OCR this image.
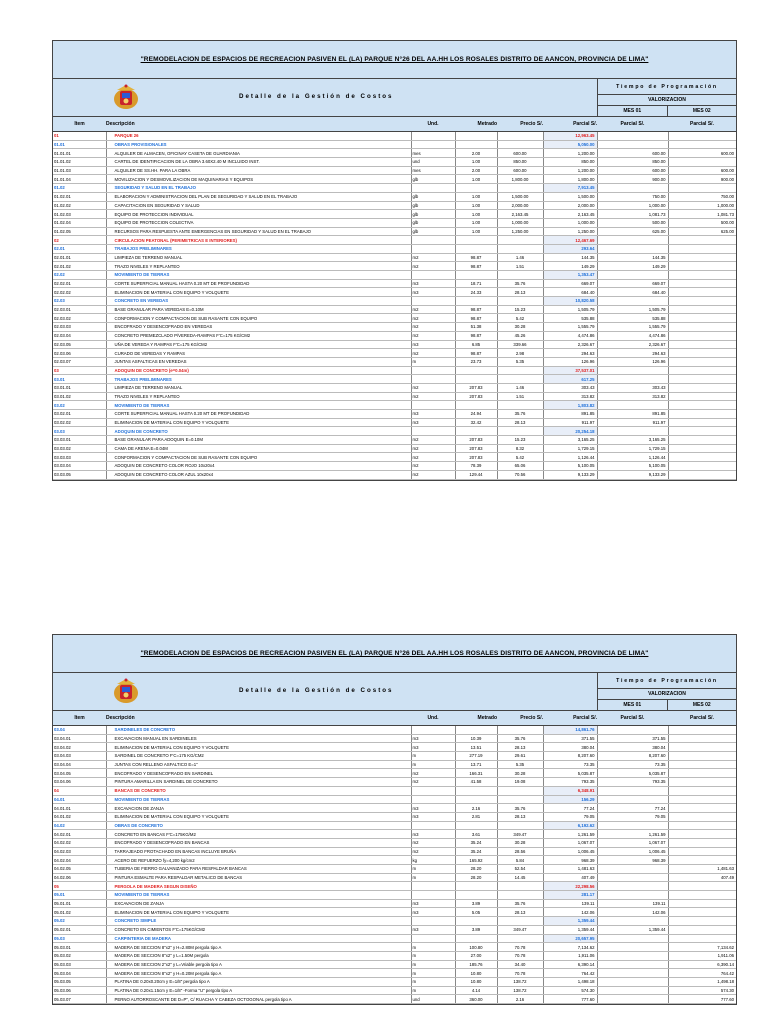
"REMODELACION DE ESPACIOS DE RECREACION PASIVEN EL (LA) PARQUE N°26 DEL AA.HH LOS ROSALES DISTRITO DE AANCON, PROVINCIA DE LIMA"
Detalle de la Gestión de Costos
Tiempo de Programación
VALORIZACION
MES 01	MES 02
Item	Descripción	Und.	Metrado	Precio S/.	Parcial S/.	Parcial S/.	Parcial S/.
01	PARQUE 26				12,963.45		
01.01	OBRAS PROVISIONALES				5,050.00		
01.01.01	ALQUILER DE ALMACEN, OFICINAY CASETA DE GUARDIANIA	mes	2.00	600.00	1,200.00	600.00	600.00
01.01.02	CARTEL DE IDENTIFICACION DE LA OBRA 3.60X2.40 M INCLUIDO INST.	und	1.00	850.00	850.00	850.00	
01.01.03	ALQUILER DE SS.HH. PARA LA OBRA	mes	2.00	600.00	1,200.00	600.00	600.00
01.01.04	MOVILIZACION Y DESMOVILIZACION DE MAQUINARIAS Y EQUIPOS	glb	1.00	1,800.00	1,800.00	900.00	900.00
01.02	SEGURIDAD Y SALUD EN EL TRABAJO				7,913.45		
01.02.01	ELABORACION Y ADMINISTRACION DEL PLAN DE SEGURIDAD Y SALUD EN EL TRABAJO	glb	1.00	1,500.00	1,500.00	750.00	750.00
01.02.02	CAPACITACION EN SEGURIDAD Y SALUD	glb	1.00	2,000.00	2,000.00	1,000.00	1,000.00
01.02.03	EQUIPO DE PROTECCION INDIVIDUAL	glb	1.00	2,163.45	2,163.45	1,081.73	1,081.73
01.02.04	EQUIPO DE PROTECCION COLECTIVA	glb	1.00	1,000.00	1,000.00	500.00	500.00
01.02.05	RECURSOS PARA RESPUESTA ANTE EMERGENCIAS EN SEGURIDAD Y SALUD EN EL TRABAJO	glb	1.00	1,250.00	1,250.00	625.00	625.00
02	CIRCULACION PEATONAL (PERIMETRICAS E INTERIORES)				12,467.69		
02.01	TRABAJOS PRELIMINARES				293.64		
02.01.01	LIMPIEZA DE TERRENO MANUAL	m2	98.87	1.46	144.35	144.35	
02.01.02	TRAZO NIVELES Y REPLANTEO	m2	98.87	1.51	149.29	149.29	
02.02	MOVIMIENTO DE TIERRAS				1,353.47		
02.02.01	CORTE SUPERFICIAL MANUAL HASTA 0.20 MT DE PROFUNDIDAD	m3	18.71	35.76	669.07	669.07	
02.02.02	ELIMINACION DE MATERIAL CON EQUIPO Y VOLQUETE	m3	24.33	28.13	684.40	684.40	
02.03	CONCRETO EN VEREDAS				10,820.58		
02.03.01	BASE GRANULAR PARA VEREDAS E=0.10M	m2	98.87	15.23	1,505.79	1,505.79	
02.03.02	CONFORMACION Y COMPACTACION DE SUB RASANTE CON EQUIPO	m2	98.87	5.42	535.88	535.88	
02.03.03	ENCOFRADO Y DESENCOFRADO EN VEREDAS	m2	51.38	30.28	1,555.79	1,555.79	
02.03.04	CONCRETO PREMEZCLADO P/VEREDA-RAMPAS F'C=175 KG/CM2	m2	98.87	45.26	4,474.86	4,474.86	
02.03.05	UÑA DE VEREDA Y RAMPAS F'C=175 KG/CM2	m3	6.85	339.66	2,326.67	2,326.67	
02.03.06	CURADO DE VEREDAS Y RAMPAS	m2	98.87	2.98	294.63	294.63	
02.03.07	JUNTAS ASFALTICAS EN VEREDAS	m	23.73	5.35	126.96	126.96	
03	ADOQUIN DE CONCRETO (e=0.04m)				37,537.01		
03.01	TRABAJOS PRELIMINARES				617.25		
03.01.01	LIMPIEZA DE TERRENO MANUAL	m2	207.83	1.46	303.43	303.43	
03.01.02	TRAZO NIVELES Y REPLANTEO	m2	207.83	1.51	313.82	313.82	
03.02	MOVIMIENTO DE TIERRAS				1,803.82		
03.02.01	CORTE SUPERFICIAL MANUAL HASTA 0.20 MT DE PROFUNDIDAD	m3	24.94	35.76	891.85	891.85	
03.02.02	ELIMINACION DE MATERIAL CON EQUIPO Y VOLQUETE	m3	32.42	28.13	911.97	911.97	
03.03	ADOQUIN DE CONCRETO				20,254.18		
03.03.01	BASE GRANULAR PARA ADOQUIN E=0.10M	m2	207.83	15.23	3,165.25	3,165.25	
03.03.02	CAMA DE ARENA E=0.04M	m2	207.83	8.32	1,729.15	1,729.15	
03.03.03	CONFORMACION Y COMPACTACION DE SUB RASANTE CON EQUIPO	m2	207.83	5.42	1,126.44	1,126.44	
03.03.04	ADOQUIN DE CONCRETO COLOR ROJO 10x20x4	m2	78.39	65.06	5,100.05	5,100.05	
03.03.05	ADOQUIN DE CONCRETO COLOR AZUL 10x20x4	m2	129.44	70.56	9,133.29	9,133.29	
"REMODELACION DE ESPACIOS DE RECREACION PASIVEN EL (LA) PARQUE N°26 DEL AA.HH LOS ROSALES DISTRITO DE AANCON, PROVINCIA DE LIMA"
Detalle de la Gestión de Costos
Tiempo de Programación
VALORIZACION
MES 01	MES 02
Item	Descripción	Und.	Metrado	Precio S/.	Parcial S/.	Parcial S/.	Parcial S/.
03.04	SARDINELES DE CONCRETO				14,861.76		
03.04.01	EXCAVACION MANUAL EN SARDINELES	m3	10.39	35.76	371.55	371.55	
03.04.02	ELIMINACION DE MATERIAL CON EQUIPO Y VOLQUETE	m3	13.51	28.13	380.04	380.04	
03.04.03	SARDINEL DE CONCRETO F'C=175 KG/CM2	m	277.19	29.61	8,207.60	8,207.60	
03.04.04	JUNTAS CON RELLENO ASFALTICO E=1"	m	13.71	5.35	73.35	73.35	
03.04.05	ENCOFRADO Y DESENCOFRADO EN SARDINEL	m2	166.31	30.28	5,035.87	5,035.87	
03.04.06	PINTURA AMARILLA EN SARDINEL DE CONCRETO	m2	41.58	19.08	793.35	793.35	
04	BANCAS DE CONCRETO				6,348.91		
04.01	MOVIMIENTO DE TIERRAS				156.29		
04.01.01	EXCAVACION DE ZANJA	m3	2.16	35.76	77.24	77.24	
04.01.02	ELIMINACION DE MATERIAL CON EQUIPO Y VOLQUETE	m3	2.81	28.13	79.05	79.05	
04.02	OBRAS DE CONCRETO				6,192.62		
04.02.01	CONCRETO EN BANCAS F'C=175KG/M2	m3	3.61	349.47	1,261.59	1,261.59	
04.02.02	ENCOFRADO Y DESENCOFRADO EN BANCAS	m2	35.24	30.28	1,067.07	1,067.07	
04.02.03	TARRAJEADO FROTACHADO EN BANCAS INCLUYE BRUÑA	m2	35.24	28.56	1,006.45	1,006.45	
04.02.04	ACERO DE REFUERZO fy=4,200 kg/cm2	kg	165.92	5.84	968.39	968.39	
04.02.05	TUBERIA DE FIERRO GALVANIZADO PARA RESPALDAR BANCAS	m	28.20	52.54	1,481.63		1,481.63
04.02.06	PINTURA ESMALTE PARA RESPALDAR METALICO DE BANCAS	m	28.20	14.45	407.49		407.49
05	PERGOLA DE MADERA SEGUN DISEÑO				22,298.56		
05.01	MOVIMIENTO DE TIERRAS				281.17		
05.01.01	EXCAVACION DE ZANJA	m3	3.89	35.76	139.11	139.11	
05.01.02	ELIMINACION DE MATERIAL CON EQUIPO Y VOLQUETE	m3	5.05	28.13	142.06	142.06	
05.02	CONCRETO SIMPLE				1,359.44		
05.02.01	CONCRETO EN CIMIENTOS F'C=175KG/CM2	m3	3.89	349.47	1,359.44	1,359.44	
05.03	CARPINTERIA DE MADERA				20,657.95		
05.03.01	MADERA DE SECCION 8"x2" y H=2.80M pergola tipo A	m	100.80	70.78	7,134.62		7,134.62
05.03.02	MADERA DE SECCION 8"x2" y L=1.50M pergola	m	27.00	70.78	1,911.06		1,911.06
05.03.03	MADERA DE SECCION 2"x2" y L=Vriable pergola tipo A	m	185.76	34.40	6,390.14		6,390.14
05.03.04	MADERA DE SECCION 8"x2" y H=0.20M pergola tipo A	m	10.80	70.78	764.42		764.42
05.03.05	PLATINA DE 0.20x0.20cm y E=1/8" pergola tipo A	m	10.80	138.72	1,498.18		1,498.18
05.03.06	PLATINA DE 0.20x1.15cm y E=1/8" -Forma "U" pergola tipo A	m	4.14	138.72	574.30		574.30
05.03.07	PERNO AUTORROSCANTE DE D=P", C/ RUACHA Y CABEZA OCTOGONAL pergola tipo A	und	360.00	2.16	777.60		777.60
